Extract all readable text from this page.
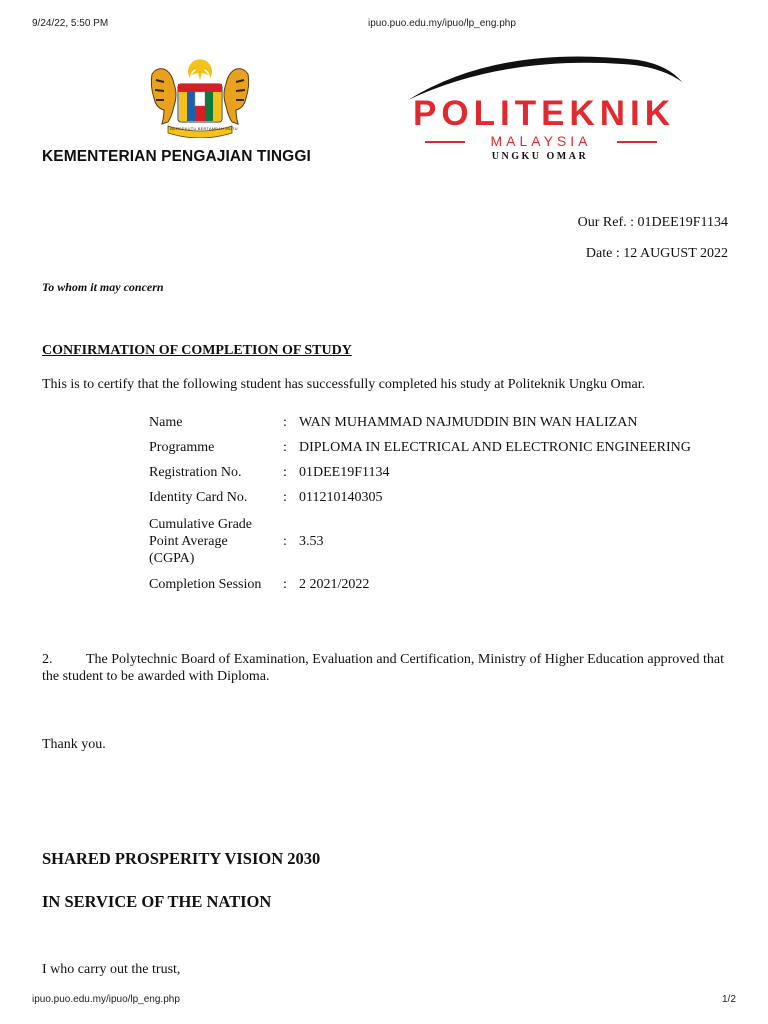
9/24/22, 5:50 PM	ipuo.puo.edu.my/ipuo/lp_eng.php
BERSEKUTU BERTAMBAH MUTU
KEMENTERIAN PENGAJIAN TINGGI
POLITEKNIK
MALAYSIA
UNGKU OMAR
Our Ref. : 01DEE19F1134
Date : 12 AUGUST 2022
To whom it may concern
CONFIRMATION OF COMPLETION OF STUDY
This is to certify that the following student has successfully completed his study at Politeknik Ungku Omar.
Name	:	WAN MUHAMMAD NAJMUDDIN BIN WAN HALIZAN
Programme	:	DIPLOMA IN ELECTRICAL AND ELECTRONIC ENGINEERING
Registration No.	:	01DEE19F1134
Identity Card No.	:	011210140305
Cumulative Grade Point Average (CGPA)	:	3.53
Completion Session	:	2 2021/2022
2. The Polytechnic Board of Examination, Evaluation and Certification, Ministry of Higher Education approved that the student to be awarded with Diploma.
Thank you.
SHARED PROSPERITY VISION 2030
IN SERVICE OF THE NATION
I who carry out the trust,
ipuo.puo.edu.my/ipuo/lp_eng.php	1/2
